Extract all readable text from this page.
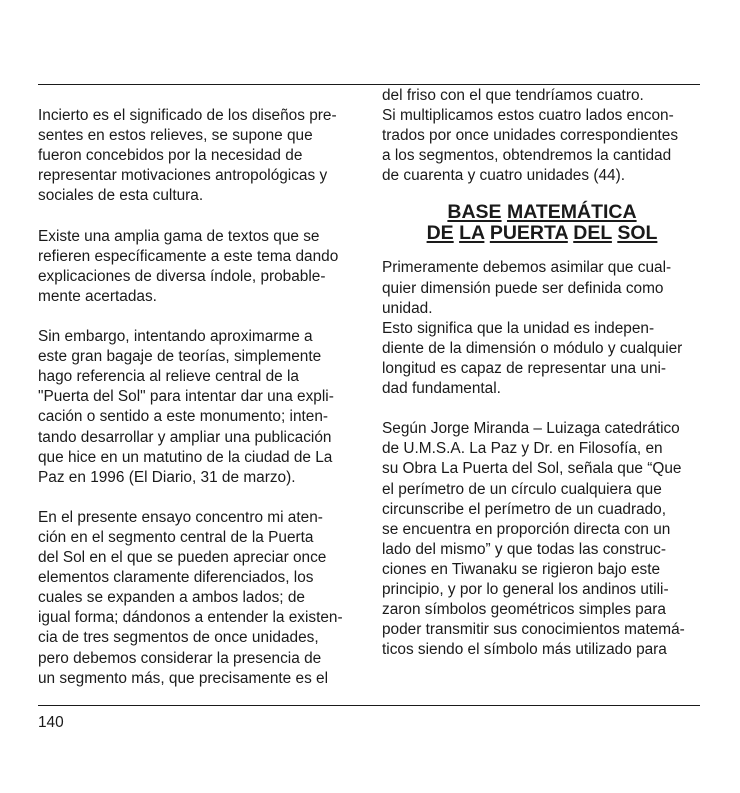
Incierto es el significado de los diseños pre-
sentes en estos relieves, se supone que
fueron concebidos por la necesidad de
representar motivaciones antropológicas y
sociales de esta cultura.
Existe una amplia gama de textos que se
refieren específicamente a este tema dando
explicaciones de diversa índole, probable-
mente acertadas.
Sin embargo, intentando aproximarme a
este gran bagaje de teorías, simplemente
hago referencia al relieve central de la
"Puerta del Sol" para intentar dar una expli-
cación o sentido a este monumento; inten-
tando desarrollar y ampliar una publicación
que hice en un matutino de la ciudad de La
Paz en 1996 (El Diario, 31 de marzo).
En el presente ensayo concentro mi aten-
ción en el segmento central de la Puerta
del Sol en el que se pueden apreciar once
elementos claramente diferenciados, los
cuales se expanden a ambos lados; de
igual forma; dándonos a entender la existen-
cia de tres segmentos de once unidades,
pero debemos considerar la presencia de
un segmento más, que precisamente es el
del friso con el que tendríamos cuatro.
Si multiplicamos estos cuatro lados encon-
trados por once unidades correspondientes
a los segmentos, obtendremos la cantidad
de cuarenta y cuatro unidades (44).
BASE MATEMÁTICA
DE LA PUERTA DEL SOL
Primeramente debemos asimilar que cual-
quier dimensión puede ser definida como
unidad.
Esto significa que la unidad es indepen-
diente de la dimensión o módulo y cualquier
longitud es capaz de representar una uni-
dad fundamental.
Según Jorge Miranda – Luizaga catedrático
de U.M.S.A. La Paz y Dr. en Filosofía, en
su Obra La Puerta del Sol, señala que “Que
el perímetro de un círculo cualquiera que
circunscribe el perímetro de un cuadrado,
se encuentra en proporción directa con un
lado del mismo” y que todas las construc-
ciones en Tiwanaku se rigieron bajo este
principio, y por lo general los andinos utili-
zaron símbolos geométricos simples para
poder transmitir sus conocimientos matemá-
ticos siendo el símbolo más utilizado para
140
